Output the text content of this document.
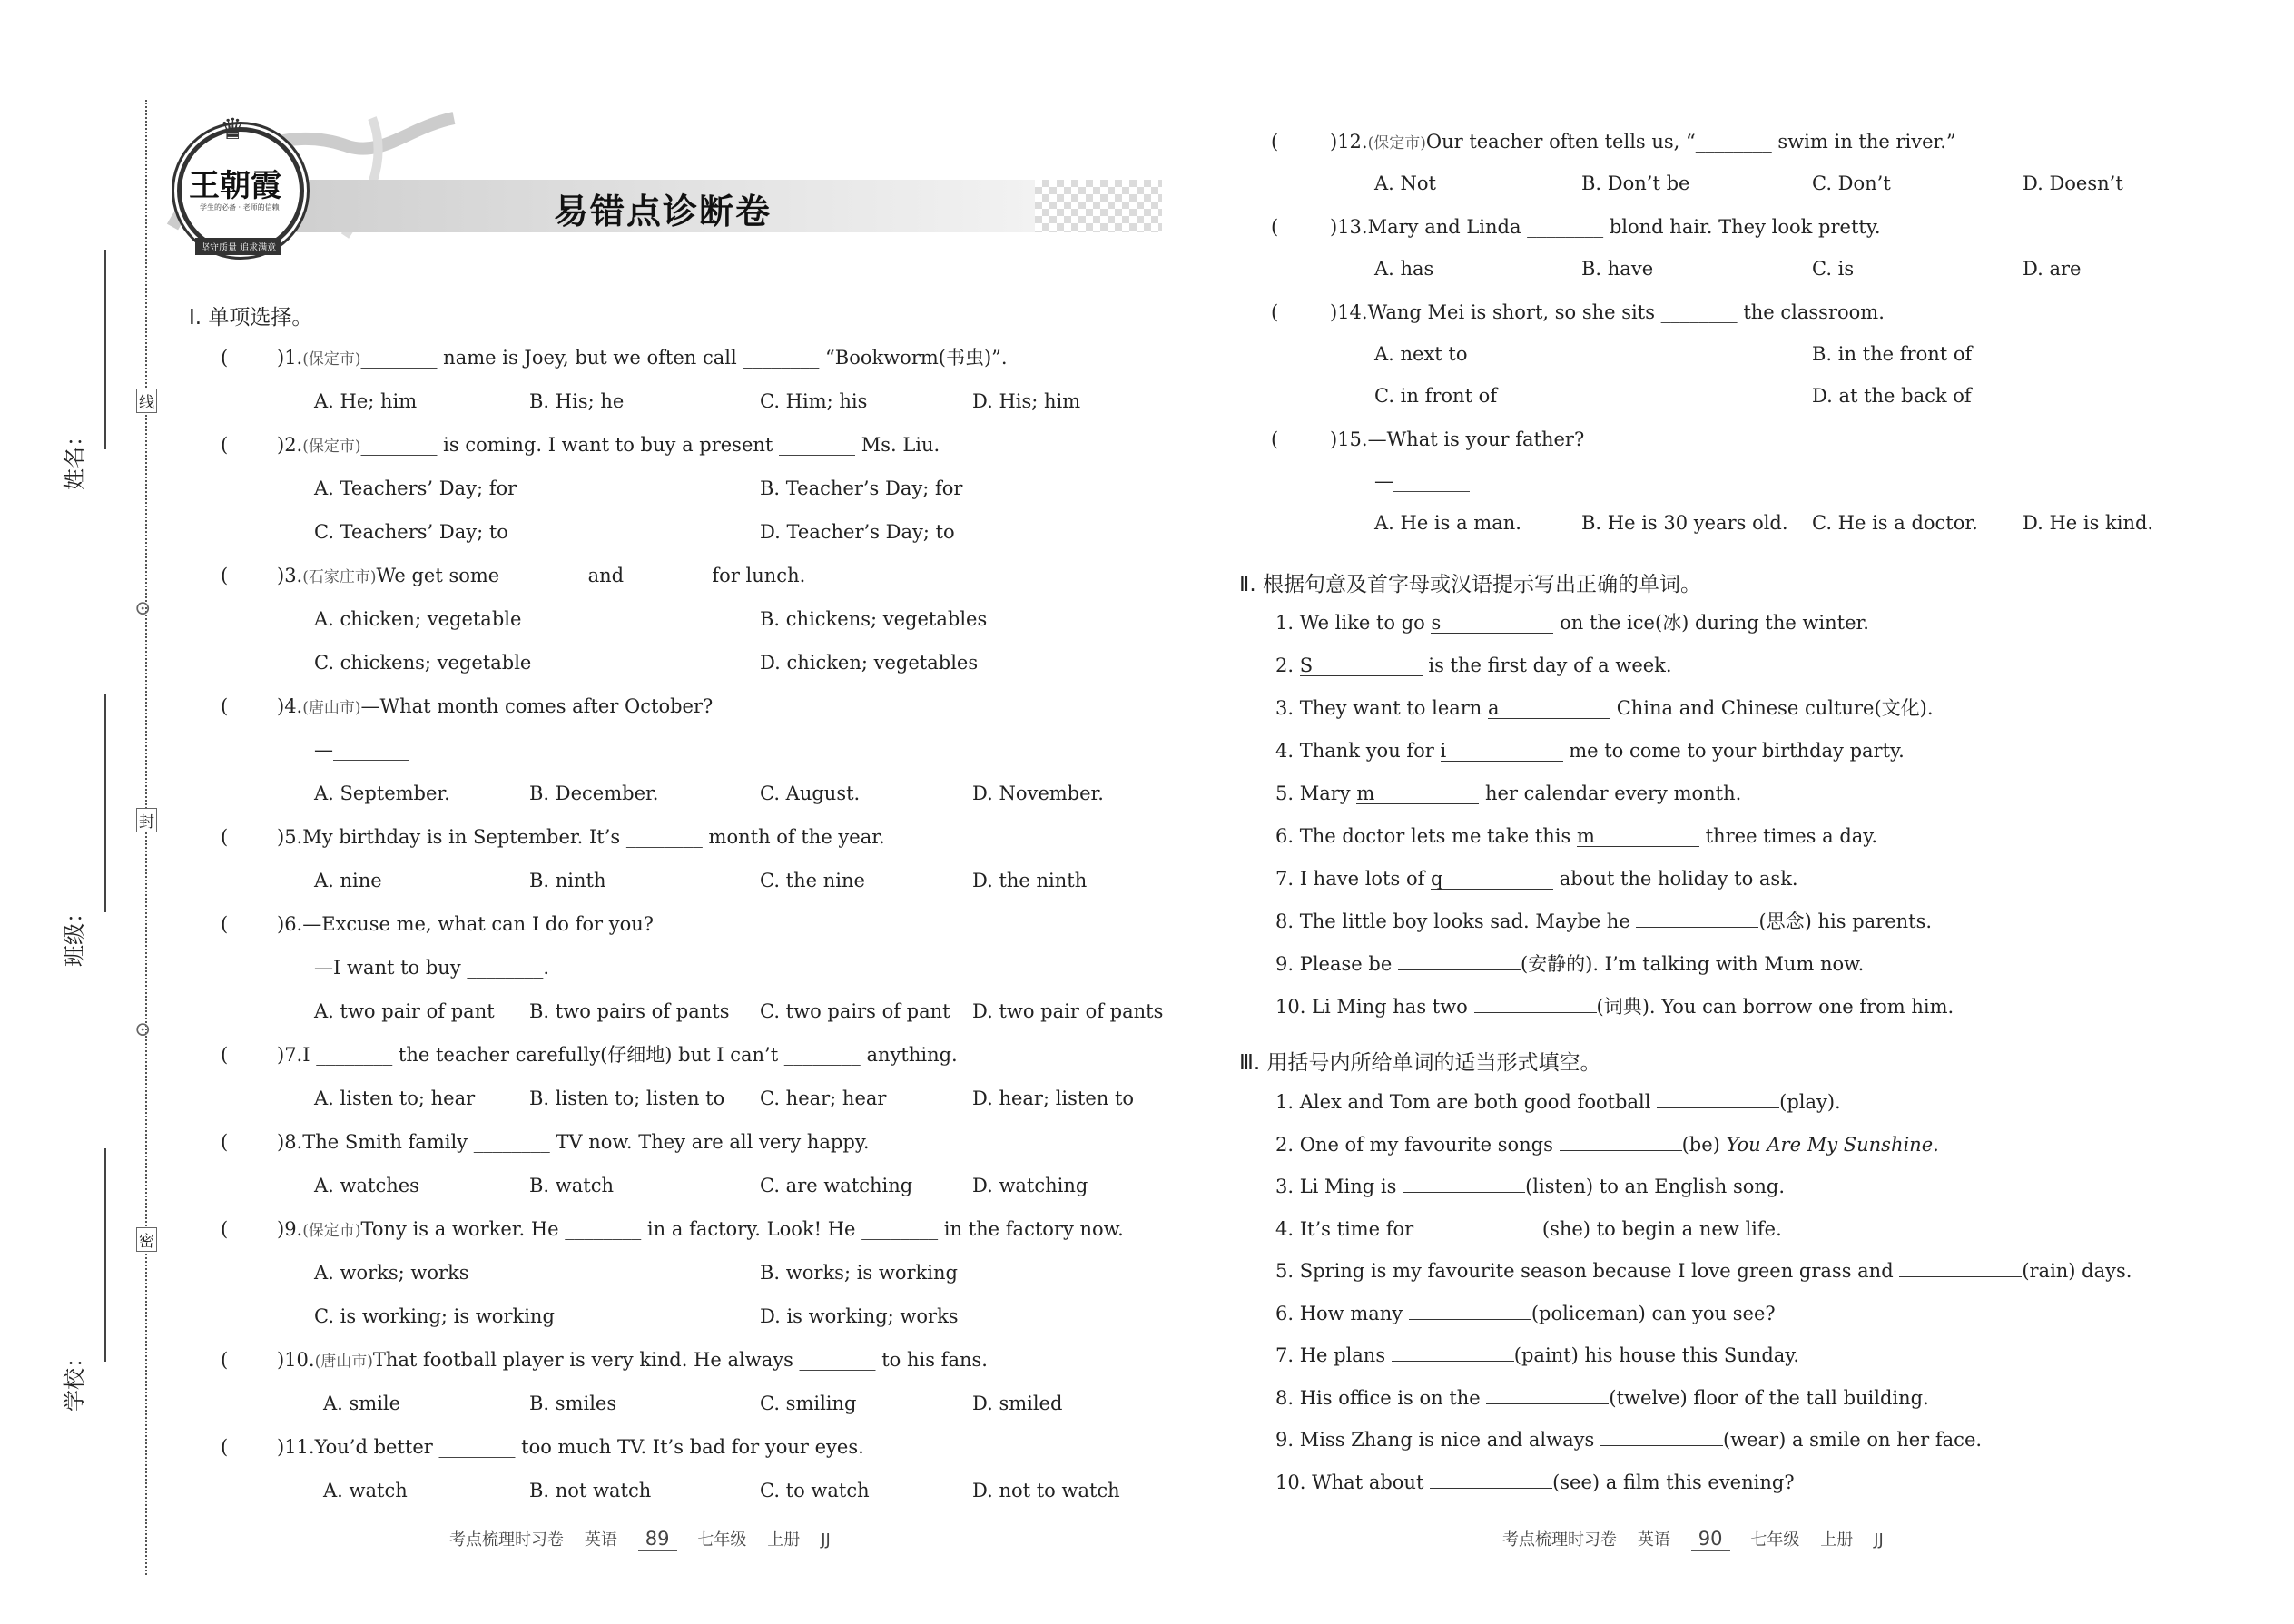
⊙
⊙
线
封
密
姓名：
班级：
学校：
易错点诊断卷
♛
王朝霞
学生的必备 · 老师的信赖
坚守质量 追求满意
Ⅰ. 单项选择。
(	)1.(保定市)________ name is Joey, but we often call ________ “Bookworm(书虫)”.
A. He; him	B. His; he	C. Him; his	D. His; him
(	)2.(保定市)________ is coming. I want to buy a present ________ Ms. Liu.
A. Teachers’ Day; for	B. Teacher’s Day; for
C. Teachers’ Day; to	D. Teacher’s Day; to
(	)3.(石家庄市)We get some ________ and ________ for lunch.
A. chicken; vegetable	B. chickens; vegetables
C. chickens; vegetable	D. chicken; vegetables
(	)4.(唐山市)—What month comes after October?
—________
A. September.	B. December.	C. August.	D. November.
(	)5.My birthday is in September. It’s ________ month of the year.
A. nine	B. ninth	C. the nine	D. the ninth
(	)6.—Excuse me, what can I do for you?
—I want to buy ________.
A. two pair of pant B. two pairs of pants C. two pairs of pant D. two pair of pants
(	)7.I ________ the teacher carefully(仔细地) but I can’t ________ anything.
A. listen to; hear	B. listen to; listen to C. hear; hear	D. hear; listen to
(	)8.The Smith family ________ TV now. They are all very happy.
A. watches	B. watch	C. are watching	D. watching
(	)9.(保定市)Tony is a worker. He ________ in a factory. Look! He ________ in the factory now.
A. works; works	B. works; is working
C. is working; is working	D. is working; works
(	)10.(唐山市)That football player is very kind. He always ________ to his fans.
A. smile	B. smiles	C. smiling	D. smiled
(	)11.You’d better ________ too much TV. It’s bad for your eyes.
A. watch	B. not watch	C. to watch	D. not to watch
(	)12.(保定市)Our teacher often tells us, “________ swim in the river.”
A. Not	B. Don’t be	C. Don’t	D. Doesn’t
(	)13.Mary and Linda ________ blond hair. They look pretty.
A. has	B. have	C. is	D. are
(	)14.Wang Mei is short, so she sits ________ the classroom.
A. next to	B. in the front of
C. in front of	D. at the back of
(	)15.—What is your father?
—________
A. He is a man.	B. He is 30 years old. C. He is a doctor. D. He is kind.
Ⅱ. 根据句意及首字母或汉语提示写出正确的单词。
1. We like to go s	on the ice(冰) during the winter.
2. S	is the first day of a week.
3. They want to learn a	China and Chinese culture(文化).
4. Thank you for i	me to come to your birthday party.
5. Mary m	her calendar every month.
6. The doctor lets me take this m	three times a day.
7. I have lots of q	about the holiday to ask.
8. The little boy looks sad. Maybe he	(思念) his parents.
9. Please be	(安静的). I’m talking with Mum now.
10. Li Ming has two	(词典). You can borrow one from him.
Ⅲ. 用括号内所给单词的适当形式填空。
1. Alex and Tom are both good football	(play).
2. One of my favourite songs	(be) You Are My Sunshine.
3. Li Ming is	(listen) to an English song.
4. It’s time for	(she) to begin a new life.
5. Spring is my favourite season because I love green grass and	(rain) days.
6. How many	(policeman) can you see?
7. He plans	(paint) his house this Sunday.
8. His office is on the	(twelve) floor of the tall building.
9. Miss Zhang is nice and always	(wear) a smile on her face.
10. What about	(see) a film this evening?
考点梳理时习卷 英语 89 七年级 上册 JJ	考点梳理时习卷 英语 90 七年级 上册 JJ
